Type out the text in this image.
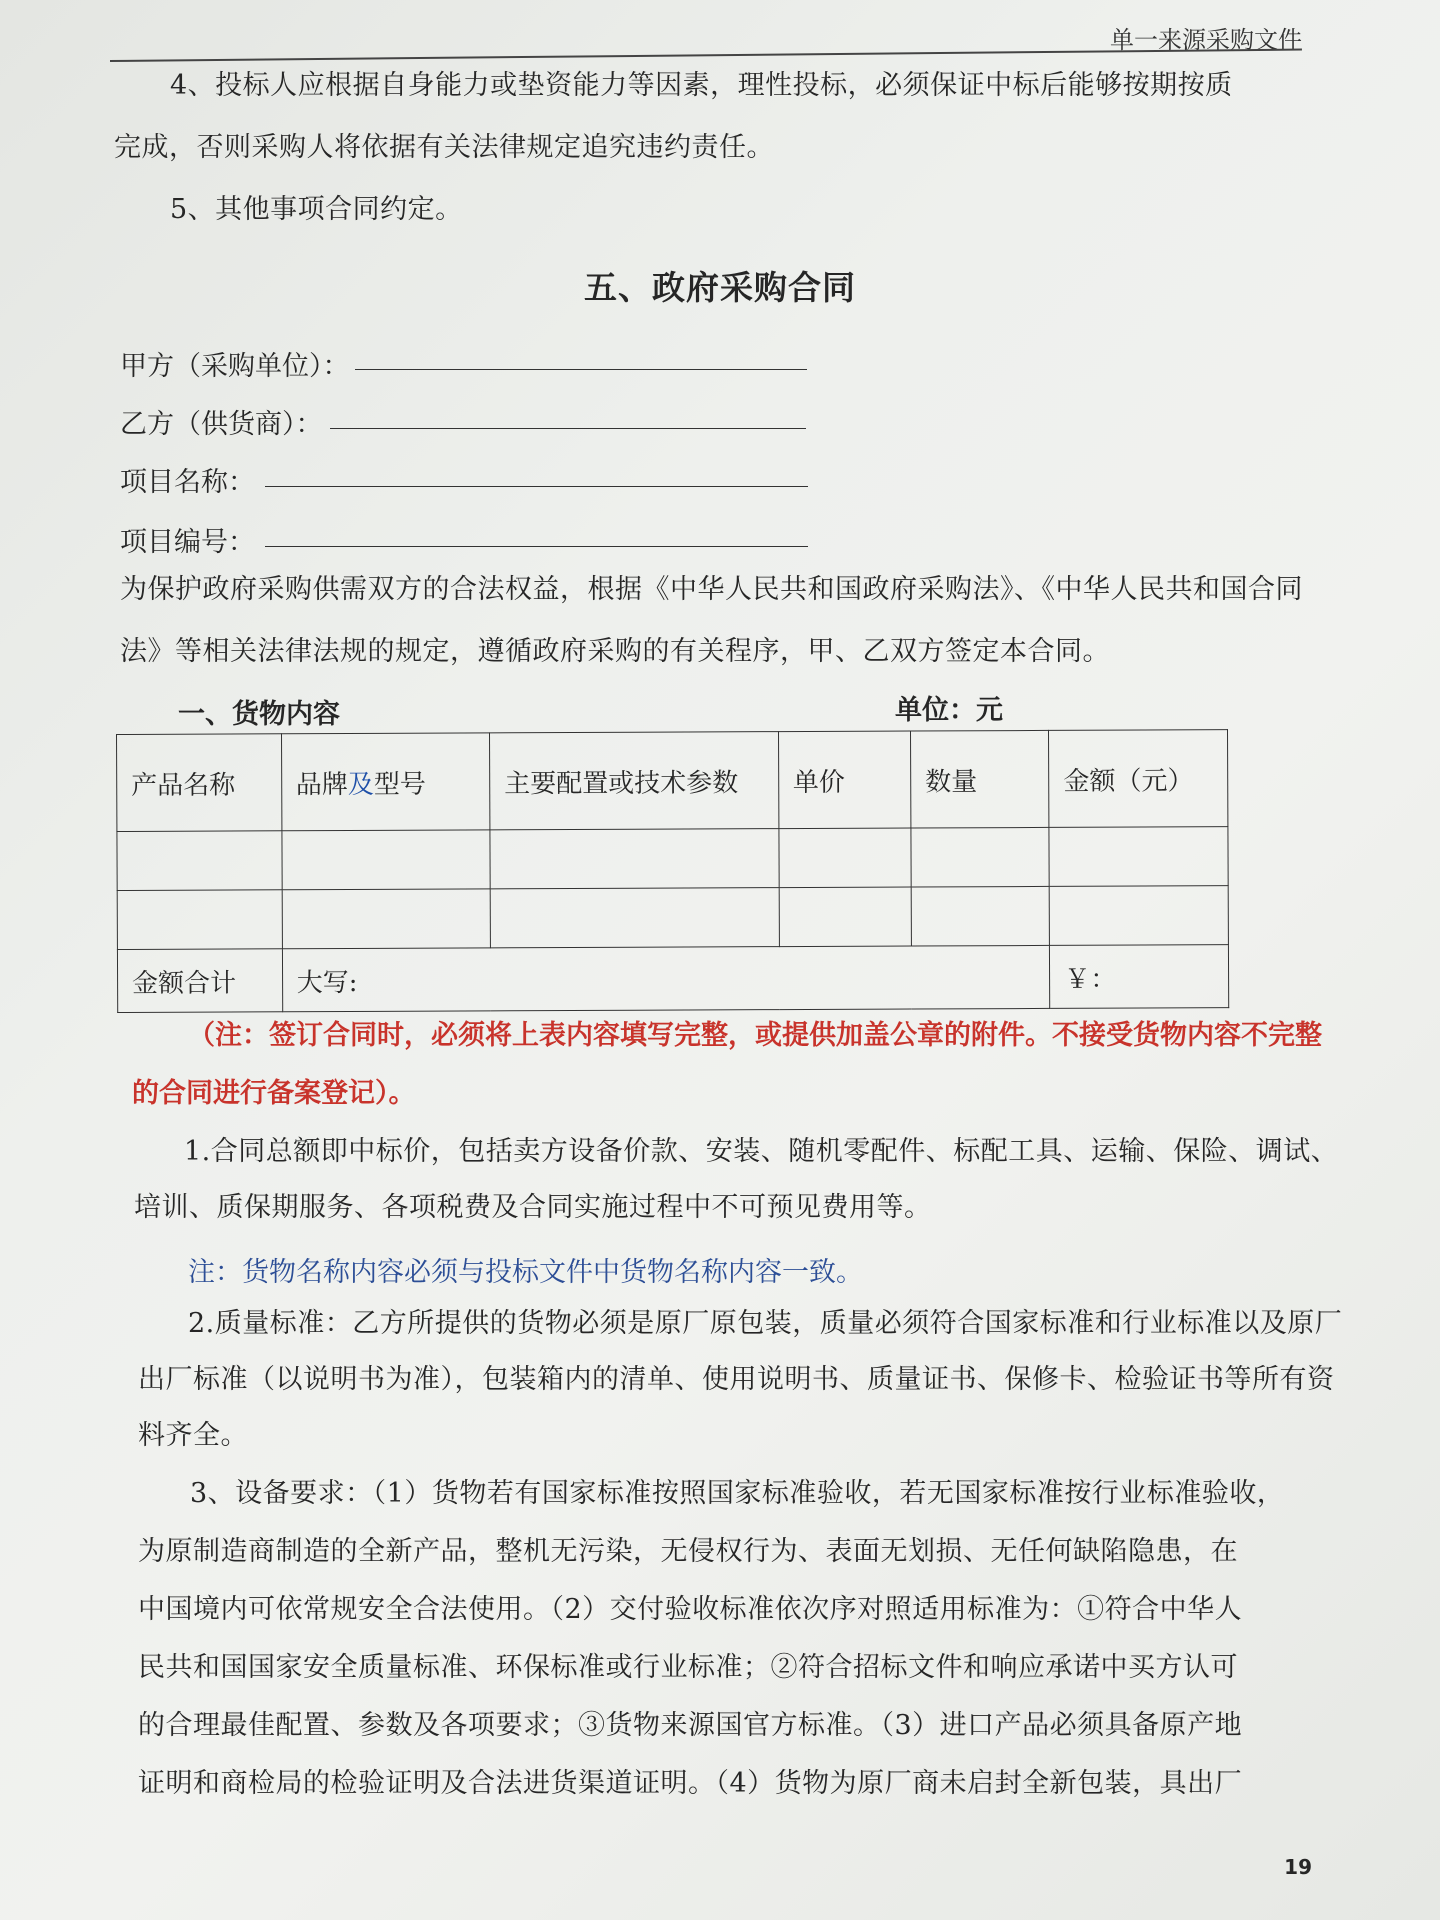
单一来源采购文件
4、投标人应根据自身能力或垫资能力等因素，理性投标，必须保证中标后能够按期按质
完成，否则采购人将依据有关法律规定追究违约责任。
5、其他事项合同约定。
五、政府采购合同
甲方（采购单位）：
乙方（供货商）：
项目名称：
项目编号：
为保护政府采购供需双方的合法权益，根据《中华人民共和国政府采购法》、《中华人民共和国合同
法》等相关法律法规的规定，遵循政府采购的有关程序，甲、乙双方签定本合同。
一、货物内容	单位：元
产品名称	品牌及型号	主要配置或技术参数	单价	数量	金额（元）

金额合计	大写:				￥：
（注：签订合同时，必须将上表内容填写完整，或提供加盖公章的附件。不接受货物内容不完整
的合同进行备案登记）。
1.合同总额即中标价，包括卖方设备价款、安装、随机零配件、标配工具、运输、保险、调试、
培训、质保期服务、各项税费及合同实施过程中不可预见费用等。
注：货物名称内容必须与投标文件中货物名称内容一致。
2.质量标准：乙方所提供的货物必须是原厂原包装，质量必须符合国家标准和行业标准以及原厂
出厂标准（以说明书为准），包装箱内的清单、使用说明书、质量证书、保修卡、检验证书等所有资
料齐全。
3、设备要求：（1）货物若有国家标准按照国家标准验收，若无国家标准按行业标准验收，
为原制造商制造的全新产品，整机无污染，无侵权行为、表面无划损、无任何缺陷隐患，在
中国境内可依常规安全合法使用。（2）交付验收标准依次序对照适用标准为：①符合中华人
民共和国国家安全质量标准、环保标准或行业标准；②符合招标文件和响应承诺中买方认可
的合理最佳配置、参数及各项要求；③货物来源国官方标准。（3）进口产品必须具备原产地
证明和商检局的检验证明及合法进货渠道证明。（4）货物为原厂商未启封全新包装，具出厂
19
